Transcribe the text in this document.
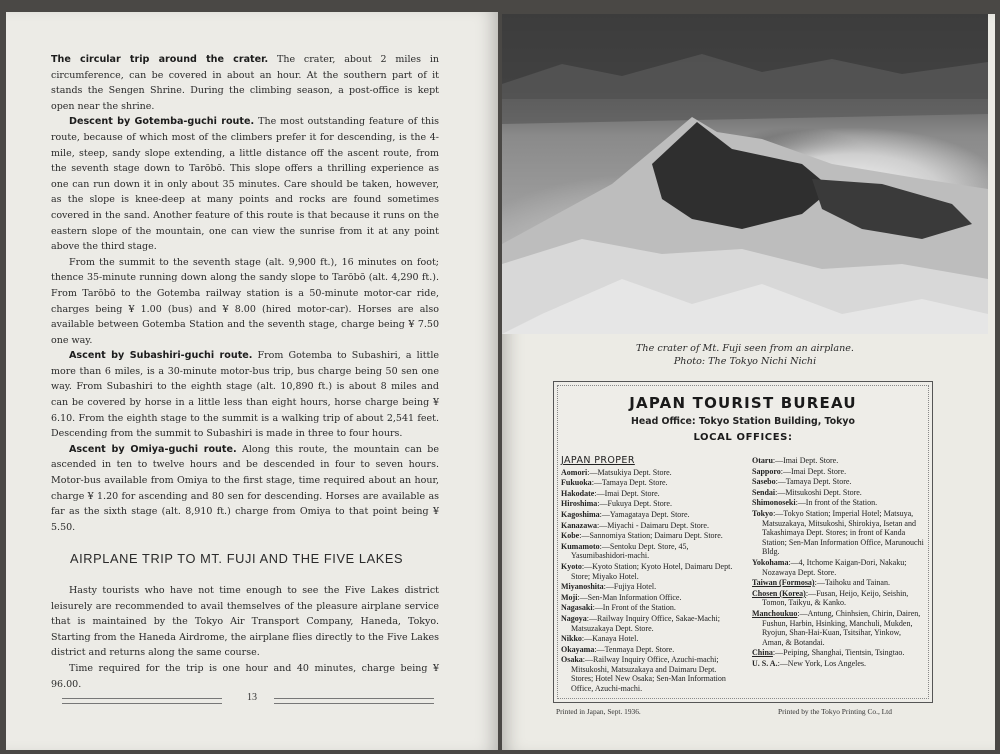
The circular trip around the crater. The crater, about 2 miles in circumference, can be covered in about an hour. At the southern part of it stands the Sengen Shrine. During the climbing season, a post-office is kept open near the shrine.

Descent by Gotemba-guchi route. The most outstanding feature of this route, because of which most of the climbers prefer it for descending, is the 4-mile, steep, sandy slope extending, a little distance off the ascent route, from the seventh stage down to Tarōbō. This slope offers a thrilling experience as one can run down it in only about 35 minutes. Care should be taken, however, as the slope is knee-deep at many points and rocks are found sometimes covered in the sand. Another feature of this route is that because it runs on the eastern slope of the mountain, one can view the sunrise from it at any point above the third stage.

From the summit to the seventh stage (alt. 9,900 ft.), 16 minutes on foot; thence 35-minute running down along the sandy slope to Tarōbō (alt. 4,290 ft.). From Tarōbō to the Gotemba railway station is a 50-minute motor-car ride, charges being ¥ 1.00 (bus) and ¥ 8.00 (hired motor-car). Horses are also available between Gotemba Station and the seventh stage, charge being ¥ 7.50 one way.

Ascent by Subashiri-guchi route. From Gotemba to Subashiri, a little more than 6 miles, is a 30-minute motor-bus trip, bus charge being 50 sen one way. From Subashiri to the eighth stage (alt. 10,890 ft.) is about 8 miles and can be covered by horse in a little less than eight hours, horse charge being ¥ 6.10. From the eighth stage to the summit is a walking trip of about 2,541 feet. Descending from the summit to Subashiri is made in three to four hours.

Ascent by Omiya-guchi route. Along this route, the mountain can be ascended in ten to twelve hours and be descended in four to seven hours. Motor-bus available from Omiya to the first stage, time required about an hour, charge ¥ 1.20 for ascending and 80 sen for descending. Horses are available as far as the sixth stage (alt. 8,910 ft.) charge from Omiya to that point being ¥ 5.50.

AIRPLANE TRIP TO MT. FUJI AND THE FIVE LAKES

Hasty tourists who have not time enough to see the Five Lakes district leisurely are recommended to avail themselves of the pleasure airplane service that is maintained by the Tokyo Air Transport Company, Haneda, Tokyo. Starting from the Haneda Airdrome, the airplane flies directly to the Five Lakes district and returns along the same course.

Time required for the trip is one hour and 40 minutes, charge being ¥ 96.00.

13
The crater of Mt. Fuji seen from an airplane.
Photo: The Tokyo Nichi Nichi
JAPAN TOURIST BUREAU
Head Office: Tokyo Station Building, Tokyo
LOCAL OFFICES:
JAPAN PROPER
Aomori:—Matsukiya Dept. Store.
Fukuoka:—Tamaya Dept. Store.
Hakodate:—Imai Dept. Store.
Hiroshima:—Fukuya Dept. Store.
Kagoshima:—Yamagataya Dept. Store.
Kanazawa:—Miyachi - Daimaru Dept. Store.
Kobe:—Sannomiya Station; Daimaru Dept. Store.
Kumamoto:—Sentoku Dept. Store, 45, Yasumibashidori-machi.
Kyoto:—Kyoto Station; Kyoto Hotel, Daimaru Dept. Store; Miyako Hotel.
Miyanoshita:—Fujiya Hotel.
Moji:—Sen-Man Information Office.
Nagasaki:—In Front of the Station.
Nagoya:—Railway Inquiry Office, Sakae-Machi; Matsuzakaya Dept. Store.
Nikko:—Kanaya Hotel.
Okayama:—Tenmaya Dept. Store.
Osaka:—Railway Inquiry Office, Azuchi-machi; Mitsukoshi, Matsuzakaya and Daimaru Dept. Stores; Hotel New Osaka; Sen-Man Information Office, Azuchi-machi.
Otaru:—Imai Dept. Store.
Sapporo:—Imai Dept. Store.
Sasebo:—Tamaya Dept. Store.
Sendai:—Mitsukoshi Dept. Store.
Shimonoseki:—In front of the Station.
Tokyo:—Tokyo Station; Imperial Hotel; Matsuya, Matsuzakaya, Mitsukoshi, Shirokiya, Isetan and Takashimaya Dept. Stores; in front of Kanda Station; Sen-Man Information Office, Marunouchi Bldg.
Yokohama:—4, Itchome Kaigan-Dori, Nakaku; Nozawaya Dept. Store.
Taiwan (Formosa):—Taihoku and Tainan.
Chosen (Korea):—Fusan, Heijo, Keijo, Seishin, Tomon, Taikyu, & Kanko.
Manchoukuo:—Antung, Chinhsien, Chirin, Dairen, Fushun, Harbin, Hsinking, Manchuli, Mukden, Ryojun, Shan-Hai-Kuan, Tsitsihar, Yinkow, Aman, & Botandai.
China:—Peiping, Shanghai, Tientsin, Tsingtao.
U. S. A.:—New York, Los Angeles.
Printed in Japan, Sept. 1936.	Printed by the Tokyo Printing Co., Ltd
